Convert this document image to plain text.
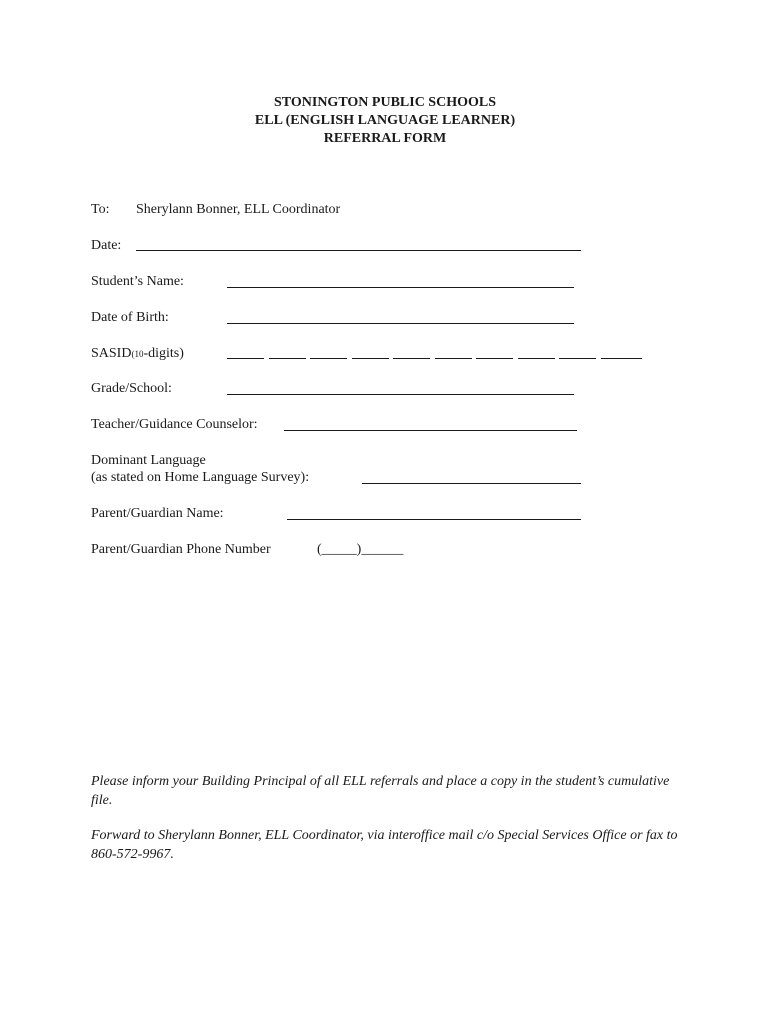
STONINGTON PUBLIC SCHOOLS
ELL (ENGLISH LANGUAGE LEARNER)
REFERRAL FORM
To: Sherylann Bonner, ELL Coordinator
Date:
Student’s Name:
Date of Birth:
SASID(10-digits)
Grade/School:
Teacher/Guidance Counselor:
Dominant Language
(as stated on Home Language Survey):
Parent/Guardian Name:
Parent/Guardian Phone Number	(_____)______
Please inform your Building Principal of all ELL referrals and place a copy in the student’s cumulative file.
Forward to Sherylann Bonner, ELL Coordinator, via interoffice mail c/o Special Services Office or fax to 860-572-9967.
